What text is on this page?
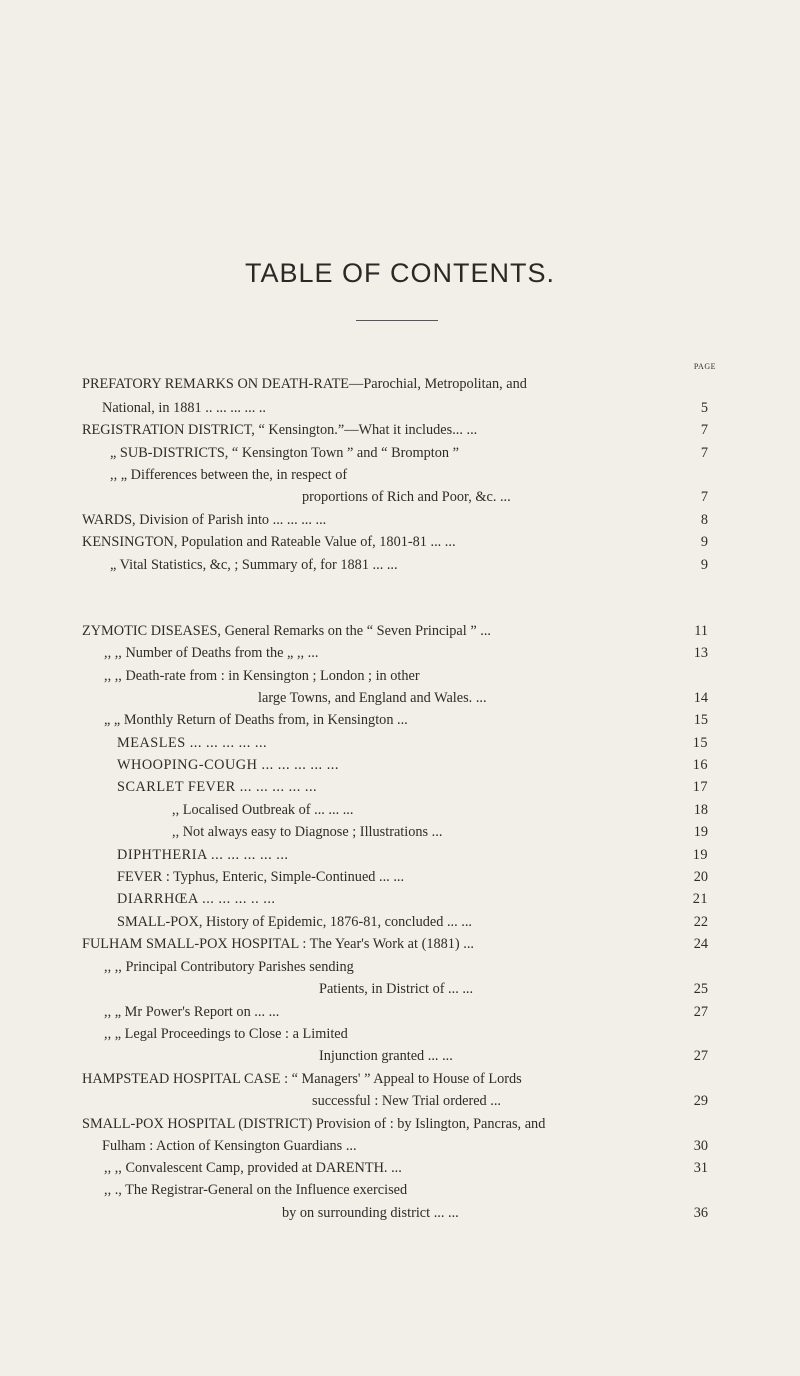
TABLE OF CONTENTS.
page
PREFATORY REMARKS ON DEATH-RATE—Parochial, Metropolitan, and
National, in 1881 .. ... ... ... ..	5
REGISTRATION DISTRICT, “ Kensington.”—What it includes... ...	7
„ SUB-DISTRICTS, “ Kensington Town ” and “ Brompton ”	7
,, „ Differences between the, in respect of
proportions of Rich and Poor, &c. ...	7
WARDS, Division of Parish into ... ... ... ...	8
KENSINGTON, Population and Rateable Value of, 1801-81 ... ...	9
„ Vital Statistics, &c, ; Summary of, for 1881 ... ...	9
ZYMOTIC DISEASES, General Remarks on the “ Seven Principal ” ...	11
,, ,, Number of Deaths from the „ ,, ...	13
,, ,, Death-rate from : in Kensington ; London ; in other
large Towns, and England and Wales. ...	14
„ „ Monthly Return of Deaths from, in Kensington ...	15
MEASLES ... ... ... ... ...	15
WHOOPING-COUGH ... ... ... ... ...	16
SCARLET FEVER ... ... ... ... ...	17
,, Localised Outbreak of ... ... ...	18
,, Not always easy to Diagnose ; Illustrations ...	19
DIPHTHERIA ... ... ... ... ...	19
FEVER : Typhus, Enteric, Simple-Continued ... ...	20
DIARRHŒA ... ... ... .. ...	21
SMALL-POX, History of Epidemic, 1876-81, concluded ... ...	22
FULHAM SMALL-POX HOSPITAL : The Year's Work at (1881) ...	24
,, ,, Principal Contributory Parishes sending
Patients, in District of ... ...	25
,, „ Mr Power's Report on ... ...	27
,, „ Legal Proceedings to Close : a Limited
Injunction granted ... ...	27
HAMPSTEAD HOSPITAL CASE : “ Managers' ” Appeal to House of Lords
successful : New Trial ordered ...	29
SMALL-POX HOSPITAL (DISTRICT) Provision of : by Islington, Pancras, and
Fulham : Action of Kensington Guardians ...	30
,, ,, Convalescent Camp, provided at DARENTH. ...	31
,, ., The Registrar-General on the Influence exercised
by on surrounding district ... ...	36
